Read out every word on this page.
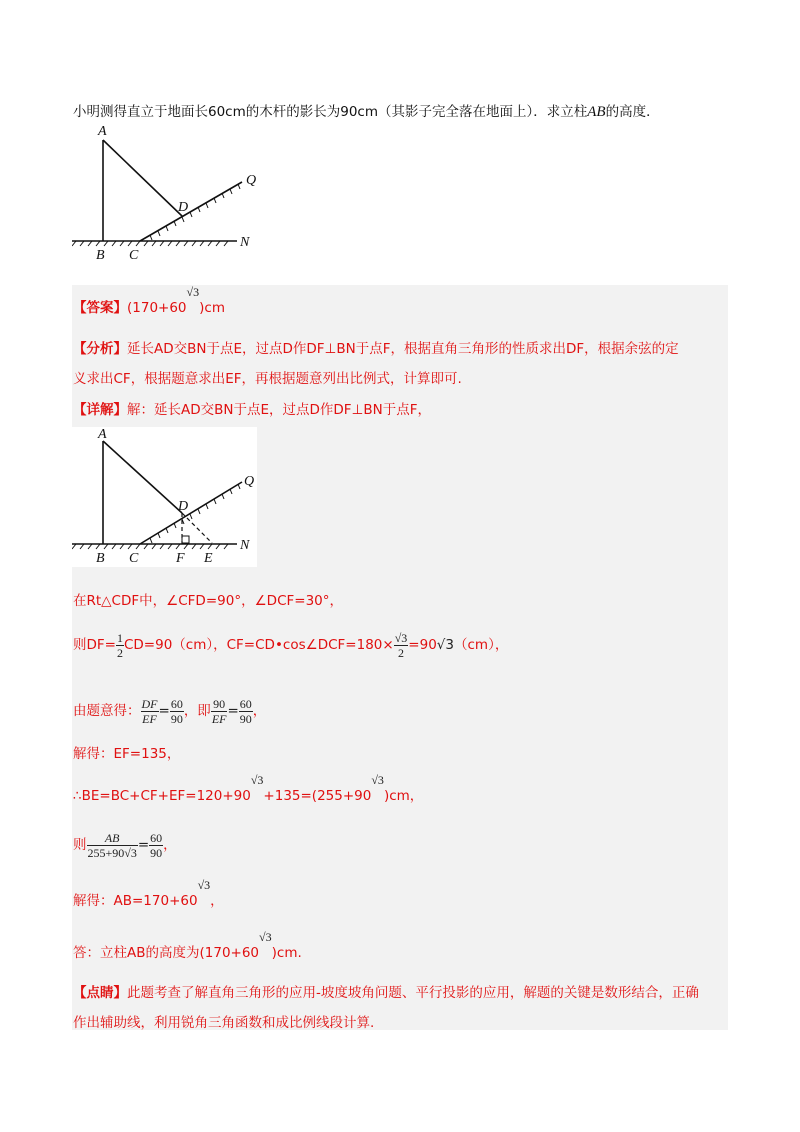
小明测得直立于地面长60cm的木杆的影长为90cm（其影子完全落在地面上）．求立柱AB的高度．
A
B C
D
Q
N
【答案】(170+60√3)cm
【分析】延长AD交BN于点E，过点D作DF⊥BN于点F，根据直角三角形的性质求出DF，根据余弦的定
义求出CF，根据题意求出EF，再根据题意列出比例式，计算即可.
【详解】解：延长AD交BN于点E，过点D作DF⊥BN于点F，
A
B C
D
Q
N
F E
在Rt△CDF中，∠CFD=90°，∠DCF=30°，
则$DF= \frac{1}{2} CD=90(cm)$，CF=CD•cos∠DCF=180× $\frac{√3}{2} =90√3(cm)$，
由题意得： $\frac{DF}{EF} = \frac{60}{90}$ ，即 $\frac{90}{EF} = \frac{60}{90}$ ，
解得：EF=135，
∴BE=BC+CF+EF=120+90√3+135=(255+90√3)cm，
则 $\frac{AB}{255+90√3} = \frac{60}{90}$ ，
解得：AB=170+60√3，
答：立柱AB的高度为(170+60√3)cm.
【点睛】此题考查了解直角三角形的应用-坡度坡角问题、平行投影的应用，解题的关键是数形结合，正确
作出辅助线，利用锐角三角函数和成比例线段计算.
